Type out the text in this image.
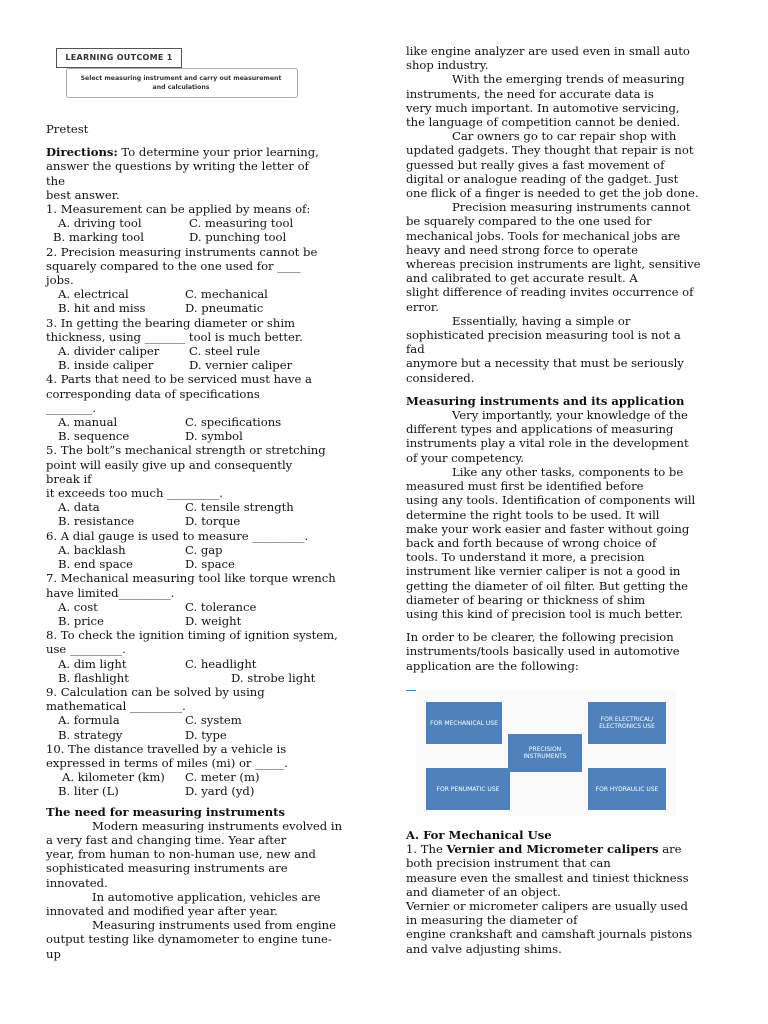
LEARNING OUTCOME 1
Select measuring instrument and carry out measurement
and calculations
Pretest
Directions: To determine your prior learning,
answer the questions by writing the letter of
the
best answer.
1. Measurement can be applied by means of:
A. driving tool	C. measuring tool
B. marking tool	D. punching tool
2. Precision measuring instruments cannot be
squarely compared to the one used for ____
jobs.
A. electrical	C. mechanical
B. hit and miss	D. pneumatic
3. In getting the bearing diameter or shim
thickness, using _______ tool is much better.
A. divider caliper	C. steel rule
B. inside caliper	D. vernier caliper
4. Parts that need to be serviced must have a
corresponding data of specifications
________.
A. manual	C. specifications
B. sequence	D. symbol
5. The bolt”s mechanical strength or stretching
point will easily give up and consequently
break if
it exceeds too much _________.
A. data	C. tensile strength
B. resistance	D. torque
6. A dial gauge is used to measure _________.
A. backlash	C. gap
B. end space	D. space
7. Mechanical measuring tool like torque wrench
have limited_________.
A. cost	C. tolerance
B. price	D. weight
8. To check the ignition timing of ignition system,
use _________.
A. dim light	C. headlight
B. flashlight	D. strobe light
9. Calculation can be solved by using
mathematical _________.
A. formula	C. system
B. strategy	D. type
10. The distance travelled by a vehicle is
expressed in terms of miles (mi) or _____.
A. kilometer (km)	C. meter (m)
B. liter (L)	D. yard (yd)
The need for measuring instruments
Modern measuring instruments evolved in
a very fast and changing time. Year after
year, from human to non-human use, new and
sophisticated measuring instruments are
innovated.
In automotive application, vehicles are
innovated and modified year after year.
Measuring instruments used from engine
output testing like dynamometer to engine tune-
up
like engine analyzer are used even in small auto
shop industry.
With the emerging trends of measuring
instruments, the need for accurate data is
very much important. In automotive servicing,
the language of competition cannot be denied.
Car owners go to car repair shop with
updated gadgets. They thought that repair is not
guessed but really gives a fast movement of
digital or analogue reading of the gadget. Just
one flick of a finger is needed to get the job done.
Precision measuring instruments cannot
be squarely compared to the one used for
mechanical jobs. Tools for mechanical jobs are
heavy and need strong force to operate
whereas precision instruments are light, sensitive
and calibrated to get accurate result. A
slight difference of reading invites occurrence of
error.
Essentially, having a simple or
sophisticated precision measuring tool is not a
fad
anymore but a necessity that must be seriously
considered.
Measuring instruments and its application
Very importantly, your knowledge of the
different types and applications of measuring
instruments play a vital role in the development
of your competency.
Like any other tasks, components to be
measured must first be identified before
using any tools. Identification of components will
determine the right tools to be used. It will
make your work easier and faster without going
back and forth because of wrong choice of
tools. To understand it more, a precision
instrument like vernier caliper is not a good in
getting the diameter of oil filter. But getting the
diameter of bearing or thickness of shim
using this kind of precision tool is much better.
In order to be clearer, the following precision
instruments/tools basically used in automotive
application are the following:
FOR MECHANICAL USE	FOR ELECTRICAL/ ELECTRONICS USE
PRECISION INSTRUMENTS
FOR PENUMATIC USE	FOR HYDRAULIC USE
A. For Mechanical Use
1. The Vernier and Micrometer calipers are
both precision instrument that can
measure even the smallest and tiniest thickness
and diameter of an object.
Vernier or micrometer calipers are usually used
in measuring the diameter of
engine crankshaft and camshaft journals pistons
and valve adjusting shims.
